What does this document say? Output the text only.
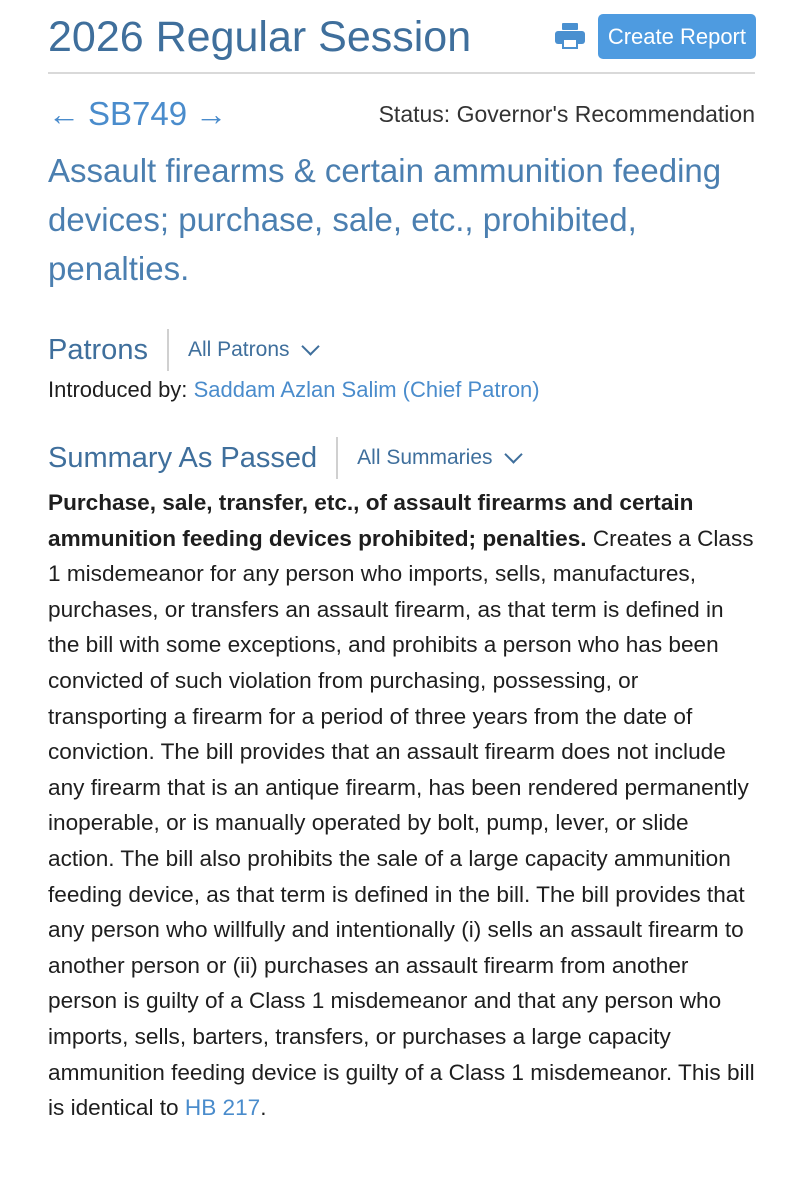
2026 Regular Session	Create Report
← SB749 →	Status: Governor's Recommendation
Assault firearms & certain ammunition feeding devices; purchase, sale, etc., prohibited, penalties.
Patrons All Patrons
Introduced by: Saddam Azlan Salim (Chief Patron)
Summary As Passed All Summaries
Purchase, sale, transfer, etc., of assault firearms and certain ammunition feeding devices prohibited; penalties. Creates a Class 1 misdemeanor for any person who imports, sells, manufactures, purchases, or transfers an assault firearm, as that term is defined in the bill with some exceptions, and prohibits a person who has been convicted of such violation from purchasing, possessing, or transporting a firearm for a period of three years from the date of conviction. The bill provides that an assault firearm does not include any firearm that is an antique firearm, has been rendered permanently inoperable, or is manually operated by bolt, pump, lever, or slide action. The bill also prohibits the sale of a large capacity ammunition feeding device, as that term is defined in the bill. The bill provides that any person who willfully and intentionally (i) sells an assault firearm to another person or (ii) purchases an assault firearm from another person is guilty of a Class 1 misdemeanor and that any person who imports, sells, barters, transfers, or purchases a large capacity ammunition feeding device is guilty of a Class 1 misdemeanor. This bill is identical to HB 217.
